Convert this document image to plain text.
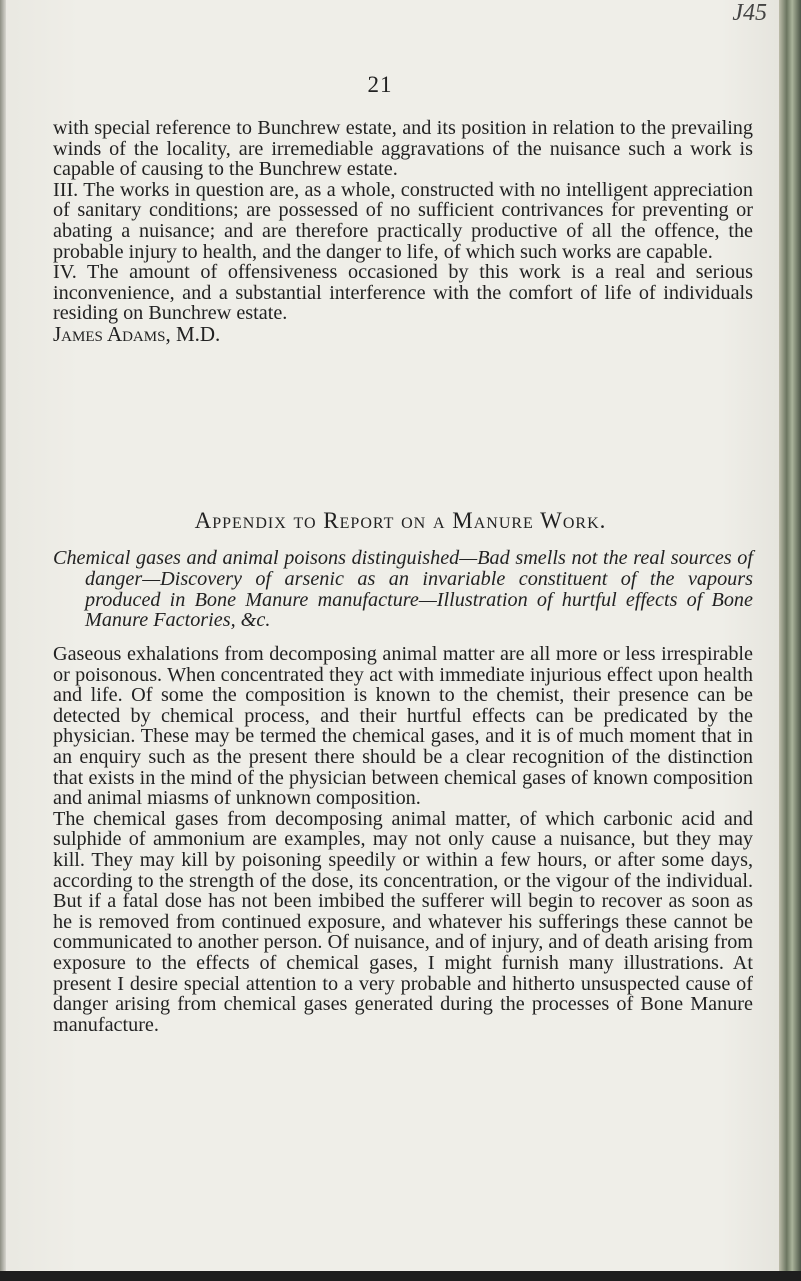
J45
21

with special reference to Bunchrew estate, and its position in relation to the prevailing winds of the locality, are irremediable aggravations of the nuisance such a work is capable of causing to the Bunchrew estate.

III. The works in question are, as a whole, constructed with no intelligent appreciation of sanitary conditions; are possessed of no sufficient contrivances for preventing or abating a nuisance; and are therefore practically productive of all the offence, the probable injury to health, and the danger to life, of which such works are capable.

IV. The amount of offensiveness occasioned by this work is a real and serious inconvenience, and a substantial interference with the comfort of life of individuals residing on Bunchrew estate.

James Adams, M.D.

Appendix to Report on a Manure Work.
Chemical gases and animal poisons distinguished—Bad smells not the real sources of danger—Discovery of arsenic as an invariable constituent of the vapours produced in Bone Manure manufacture—Illustration of hurtful effects of Bone Manure Factories, &c.

Gaseous exhalations from decomposing animal matter are all more or less irrespirable or poisonous. When concentrated they act with immediate injurious effect upon health and life. Of some the composition is known to the chemist, their presence can be detected by chemical process, and their hurtful effects can be predicated by the physician. These may be termed the chemical gases, and it is of much moment that in an enquiry such as the present there should be a clear recognition of the distinction that exists in the mind of the physician between chemical gases of known composition and animal miasms of unknown composition.

The chemical gases from decomposing animal matter, of which carbonic acid and sulphide of ammonium are examples, may not only cause a nuisance, but they may kill. They may kill by poisoning speedily or within a few hours, or after some days, according to the strength of the dose, its concentration, or the vigour of the individual. But if a fatal dose has not been imbibed the sufferer will begin to recover as soon as he is removed from continued exposure, and whatever his sufferings these cannot be communicated to another person. Of nuisance, and of injury, and of death arising from exposure to the effects of chemical gases, I might furnish many illustrations. At present I desire special attention to a very probable and hitherto unsuspected cause of danger arising from chemical gases generated during the processes of Bone Manure manufacture.
